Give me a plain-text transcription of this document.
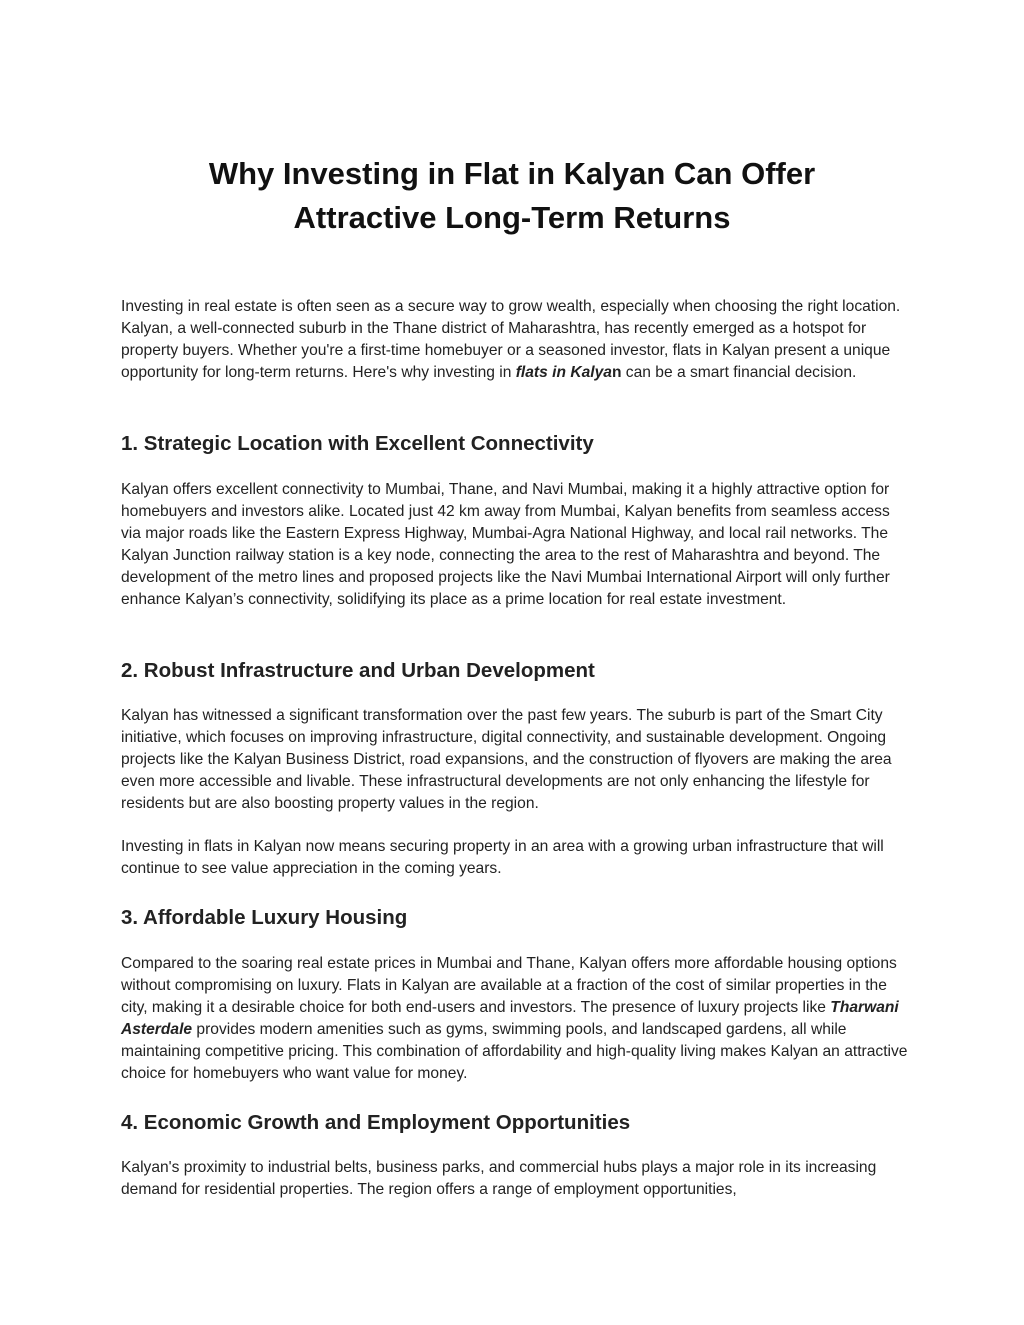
Why Investing in Flat in Kalyan Can Offer
Attractive Long-Term Returns

Investing in real estate is often seen as a secure way to grow wealth, especially when choosing the right location. Kalyan, a well-connected suburb in the Thane district of Maharashtra, has recently emerged as a hotspot for property buyers. Whether you're a first-time homebuyer or a seasoned investor, flats in Kalyan present a unique opportunity for long-term returns. Here's why investing in flats in Kalyan can be a smart financial decision.

1. Strategic Location with Excellent Connectivity

Kalyan offers excellent connectivity to Mumbai, Thane, and Navi Mumbai, making it a highly attractive option for homebuyers and investors alike. Located just 42 km away from Mumbai, Kalyan benefits from seamless access via major roads like the Eastern Express Highway, Mumbai-Agra National Highway, and local rail networks. The Kalyan Junction railway station is a key node, connecting the area to the rest of Maharashtra and beyond. The development of the metro lines and proposed projects like the Navi Mumbai International Airport will only further enhance Kalyan’s connectivity, solidifying its place as a prime location for real estate investment.

2. Robust Infrastructure and Urban Development

Kalyan has witnessed a significant transformation over the past few years. The suburb is part of the Smart City initiative, which focuses on improving infrastructure, digital connectivity, and sustainable development. Ongoing projects like the Kalyan Business District, road expansions, and the construction of flyovers are making the area even more accessible and livable. These infrastructural developments are not only enhancing the lifestyle for residents but are also boosting property values in the region.

Investing in flats in Kalyan now means securing property in an area with a growing urban infrastructure that will continue to see value appreciation in the coming years.

3. Affordable Luxury Housing

Compared to the soaring real estate prices in Mumbai and Thane, Kalyan offers more affordable housing options without compromising on luxury. Flats in Kalyan are available at a fraction of the cost of similar properties in the city, making it a desirable choice for both end-users and investors. The presence of luxury projects like Tharwani Asterdale provides modern amenities such as gyms, swimming pools, and landscaped gardens, all while maintaining competitive pricing. This combination of affordability and high-quality living makes Kalyan an attractive choice for homebuyers who want value for money.

4. Economic Growth and Employment Opportunities

Kalyan's proximity to industrial belts, business parks, and commercial hubs plays a major role in its increasing demand for residential properties. The region offers a range of employment opportunities,
